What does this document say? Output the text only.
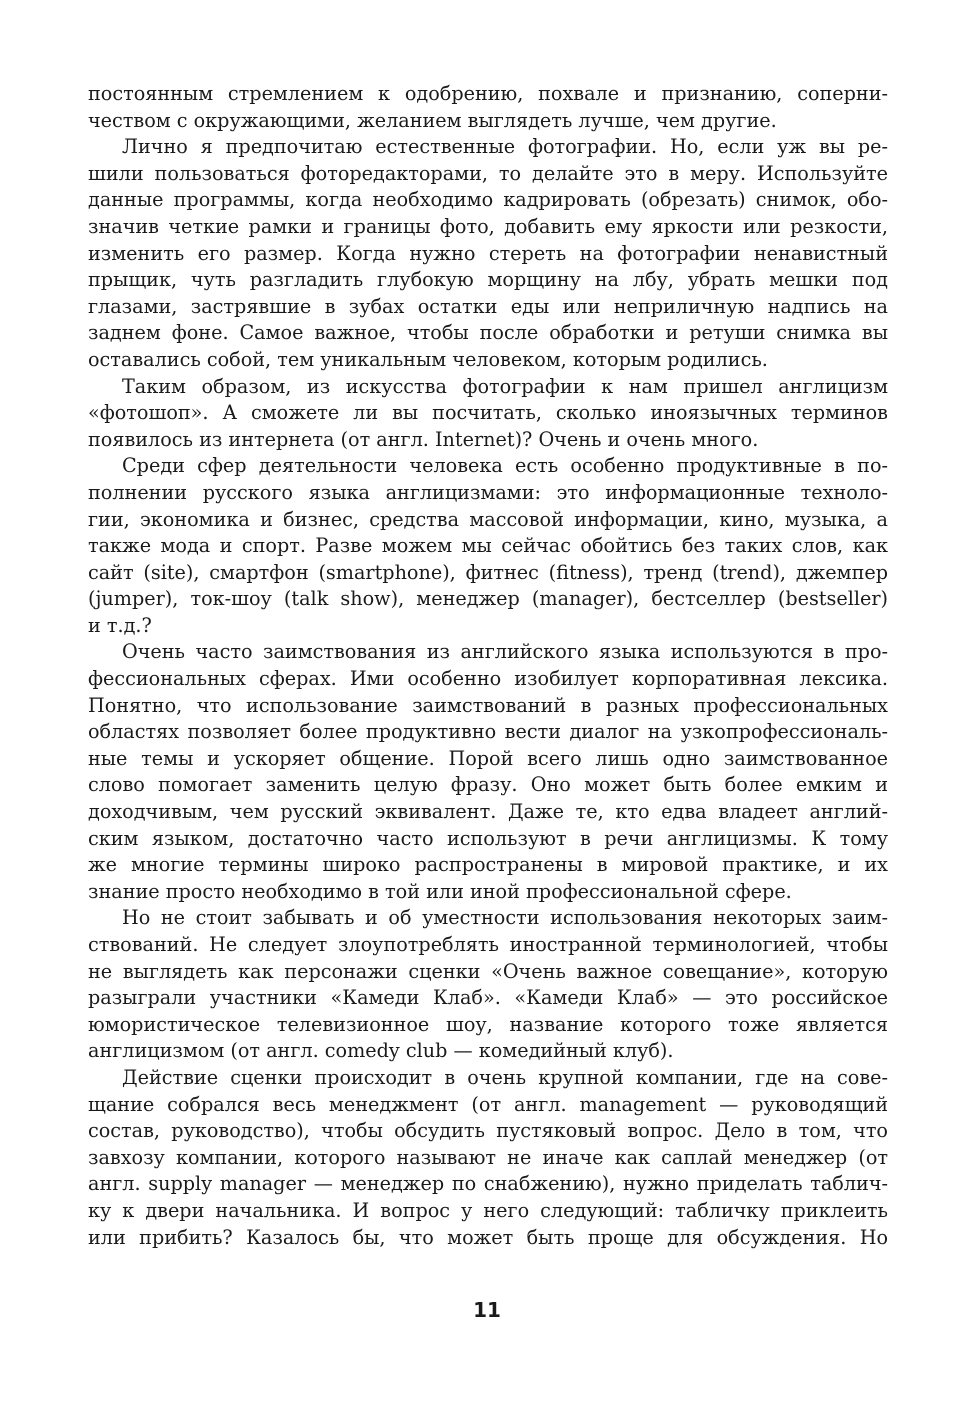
постоянным стремлением к одобрению, похвале и признанию, соперни-
чеством с окружающими, желанием выглядеть лучше, чем другие.
Лично я предпочитаю естественные фотографии. Но, если уж вы ре-
шили пользоваться фоторедакторами, то делайте это в меру. Используйте
данные программы, когда необходимо кадрировать (обрезать) снимок, обо-
значив четкие рамки и границы фото, добавить ему яркости или резкости,
изменить его размер. Когда нужно стереть на фотографии ненавистный
прыщик, чуть разгладить глубокую морщину на лбу, убрать мешки под
глазами, застрявшие в зубах остатки еды или неприличную надпись на
заднем фоне. Самое важное, чтобы после обработки и ретуши снимка вы
оставались собой, тем уникальным человеком, которым родились.
Таким образом, из искусства фотографии к нам пришел англицизм
«фотошоп». А сможете ли вы посчитать, сколько иноязычных терминов
появилось из интернета (от англ. Internet)? Очень и очень много.
Среди сфер деятельности человека есть особенно продуктивные в по-
полнении русского языка англицизмами: это информационные техноло-
гии, экономика и бизнес, средства массовой информации, кино, музыка, а
также мода и спорт. Разве можем мы сейчас обойтись без таких слов, как
сайт (site), смартфон (smartphone), фитнес (fitness), тренд (trend), джемпер
(jumper), ток-шоу (talk show), менеджер (manager), бестселлер (bestseller)
и т.д.?
Очень часто заимствования из английского языка используются в про-
фессиональных сферах. Ими особенно изобилует корпоративная лексика.
Понятно, что использование заимствований в разных профессиональных
областях позволяет более продуктивно вести диалог на узкопрофессиональ-
ные темы и ускоряет общение. Порой всего лишь одно заимствованное
слово помогает заменить целую фразу. Оно может быть более емким и
доходчивым, чем русский эквивалент. Даже те, кто едва владеет англий-
ским языком, достаточно часто используют в речи англицизмы. К тому
же многие термины широко распространены в мировой практике, и их
знание просто необходимо в той или иной профессиональной сфере.
Но не стоит забывать и об уместности использования некоторых заим-
ствований. Не следует злоупотреблять иностранной терминологией, чтобы
не выглядеть как персонажи сценки «Очень важное совещание», которую
разыграли участники «Камеди Клаб». «Камеди Клаб» — это российское
юмористическое телевизионное шоу, название которого тоже является
англицизмом (от англ. comedy club — комедийный клуб).
Действие сценки происходит в очень крупной компании, где на сове-
щание собрался весь менеджмент (от англ. management — руководящий
состав, руководство), чтобы обсудить пустяковый вопрос. Дело в том, что
завхозу компании, которого называют не иначе как саплай менеджер (от
англ. supply manager — менеджер по снабжению), нужно приделать таблич-
ку к двери начальника. И вопрос у него следующий: табличку приклеить
или прибить? Казалось бы, что может быть проще для обсуждения. Но
11
